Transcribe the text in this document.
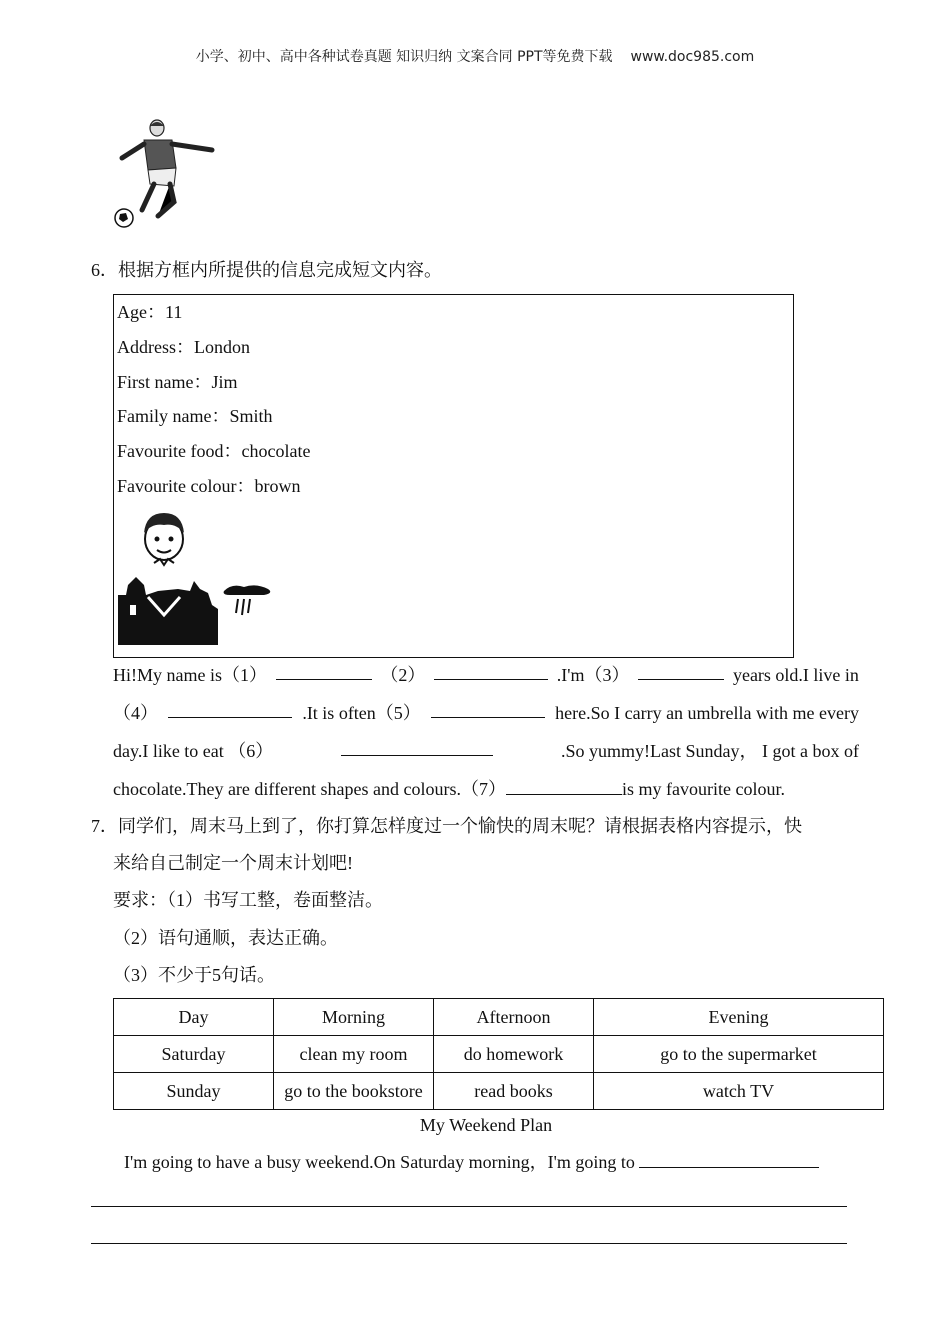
小学、初中、高中各种试卷真题 知识归纳 文案合同 PPT等免费下载 www.doc985.com
6．根据方框内所提供的信息完成短文内容。
Age：11
Address：London
First name：Jim
Family name：Smith
Favourite food：chocolate
Favourite colour：brown
Hi!My name is（1）	（2）	.I'm（3）	years old.I live in
（4）	.It is often（5）	here.So I carry an umbrella with me every
day.I like to eat （6）	.So yummy!Last Sunday， I got a box of
chocolate.They are different shapes and colours.（7）	is my favourite colour.
7．同学们，周末马上到了，你打算怎样度过一个愉快的周末呢？请根据表格内容提示，快
来给自己制定一个周末计划吧!
要求：（1）书写工整，卷面整洁。
（2）语句通顺，表达正确。
（3）不少于5句话。
Day	Morning	Afternoon	Evening
Saturday	clean my room	do homework	go to the supermarket
Sunday	go to the bookstore	read books	watch TV
My Weekend Plan
I'm going to have a busy weekend.On Saturday morning，I'm going to
